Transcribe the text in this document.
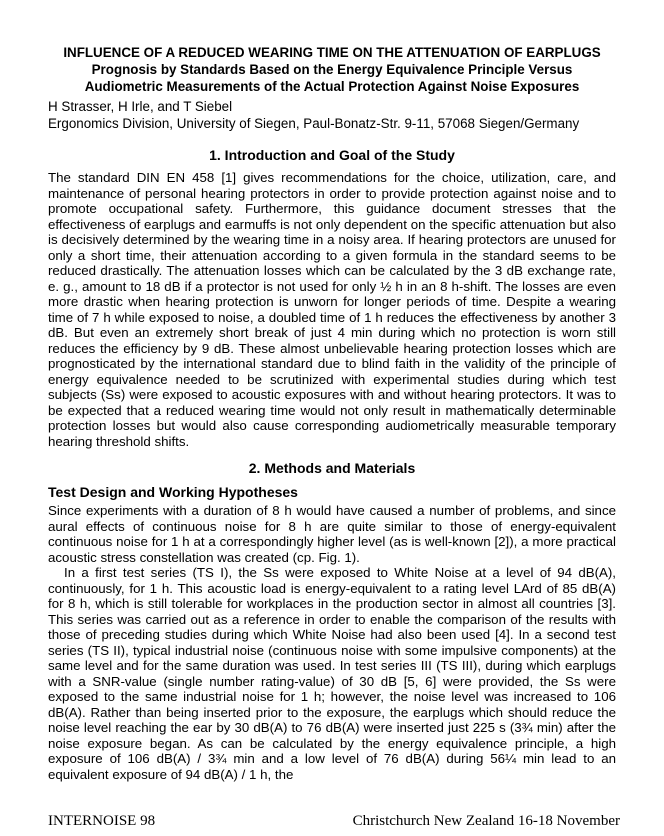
INFLUENCE OF A REDUCED WEARING TIME ON THE ATTENUATION OF EARPLUGS

Prognosis by Standards Based on the Energy Equivalence Principle Versus

Audiometric Measurements of the Actual Protection Against Noise Exposures

H Strasser, H Irle, and T Siebel

Ergonomics Division, University of Siegen, Paul-Bonatz-Str. 9-11, 57068 Siegen/Germany

1. Introduction and Goal of the Study

The standard DIN EN 458 [1] gives recommendations for the choice, utilization, care, and maintenance of personal hearing protectors in order to provide protection against noise and to promote occupational safety. Furthermore, this guidance document stresses that the effectiveness of earplugs and earmuffs is not only dependent on the specific attenuation but also is decisively determined by the wearing time in a noisy area. If hearing protectors are unused for only a short time, their attenuation according to a given formula in the standard seems to be reduced drastically. The attenuation losses which can be calculated by the 3 dB exchange rate, e. g., amount to 18 dB if a protector is not used for only ½ h in an 8 h-shift. The losses are even more drastic when hearing protection is unworn for longer periods of time. Despite a wearing time of 7 h while exposed to noise, a doubled time of 1 h reduces the effectiveness by another 3 dB. But even an extremely short break of just 4 min during which no protection is worn still reduces the efficiency by 9 dB. These almost unbelievable hearing protection losses which are prognosticated by the international standard due to blind faith in the validity of the principle of energy equivalence needed to be scrutinized with experimental studies during which test subjects (Ss) were exposed to acoustic exposures with and without hearing protectors. It was to be expected that a reduced wearing time would not only result in mathematically determinable protection losses but would also cause corresponding audiometrically measurable temporary hearing threshold shifts.

2. Methods and Materials
Test Design and Working Hypotheses

Since experiments with a duration of 8 h would have caused a number of problems, and since aural effects of continuous noise for 8 h are quite similar to those of energy-equivalent continuous noise for 1 h at a correspondingly higher level (as is well-known [2]), a more practical acoustic stress constellation was created (cp. Fig. 1).

In a first test series (TS I), the Ss were exposed to White Noise at a level of 94 dB(A), continuously, for 1 h. This acoustic load is energy-equivalent to a rating level LArd of 85 dB(A) for 8 h, which is still tolerable for workplaces in the production sector in almost all countries [3]. This series was carried out as a reference in order to enable the comparison of the results with those of preceding studies during which White Noise had also been used [4]. In a second test series (TS II), typical industrial noise (continuous noise with some impulsive components) at the same level and for the same duration was used. In test series III (TS III), during which earplugs with a SNR-value (single number rating-value) of 30 dB [5, 6] were provided, the Ss were exposed to the same industrial noise for 1 h; however, the noise level was increased to 106 dB(A). Rather than being inserted prior to the exposure, the earplugs which should reduce the noise level reaching the ear by 30 dB(A) to 76 dB(A) were inserted just 225 s (3¾ min) after the noise exposure began. As can be calculated by the energy equivalence principle, a high exposure of 106 dB(A) / 3¾ min and a low level of 76 dB(A) during 56¼ min lead to an equivalent exposure of 94 dB(A) / 1 h, the

INTERNOISE 98	Christchurch New Zealand 16-18 November
